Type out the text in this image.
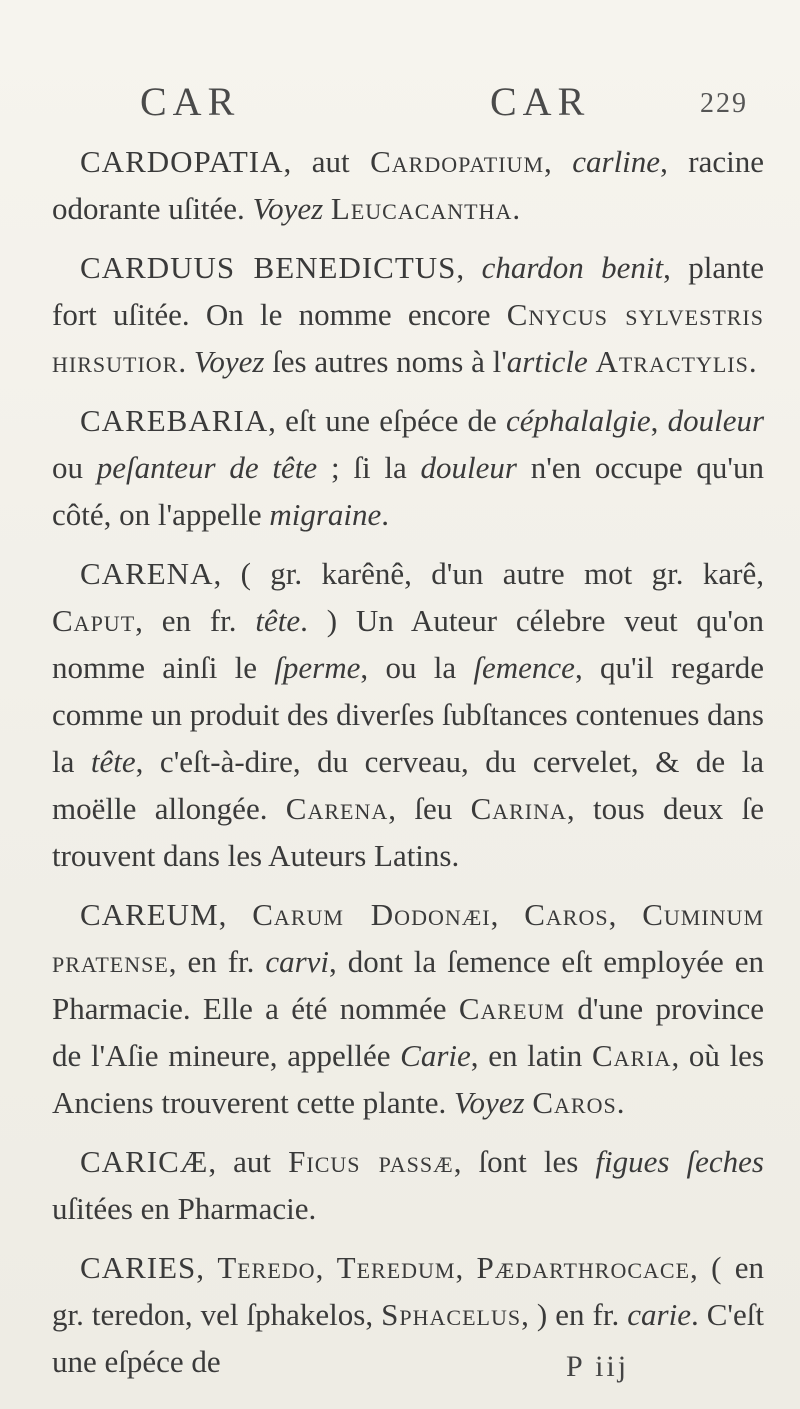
CAR	CAR	229

CARDOPATIA, aut Cardopatium, carline, racine odorante uſitée. Voyez Leucacantha.

CARDUUS BENEDICTUS, chardon benit, plante fort uſitée. On le nomme encore Cnycus sylvestris hirsutior. Voyez ſes autres noms à l'article Atractylis.

CAREBARIA, eſt une eſpéce de céphalalgie, douleur ou peſanteur de tête ; ſi la douleur n'en occupe qu'un côté, on l'appelle migraine.

CARENA, ( gr. karênê, d'un autre mot gr. karê, Caput, en fr. tête. ) Un Auteur célebre veut qu'on nomme ainſi le ſperme, ou la ſemence, qu'il regarde comme un produit des diverſes ſubſtances contenues dans la tête, c'eſt-à-dire, du cerveau, du cervelet, & de la moëlle allongée. Carena, ſeu Carina, tous deux ſe trouvent dans les Auteurs Latins.

CAREUM, Carum Dodonæi, Caros, Cuminum pratense, en fr. carvi, dont la ſemence eſt employée en Pharmacie. Elle a été nommée Careum d'une province de l'Aſie mineure, appellée Carie, en latin Caria, où les Anciens trouverent cette plante. Voyez Caros.

CARICÆ, aut Ficus passæ, ſont les figues ſeches uſitées en Pharmacie.

CARIES, Teredo, Teredum, Pædarthrocace, ( en gr. teredon, vel ſphakelos, Sphacelus, ) en fr. carie. C'eſt une eſpéce de	P iij
